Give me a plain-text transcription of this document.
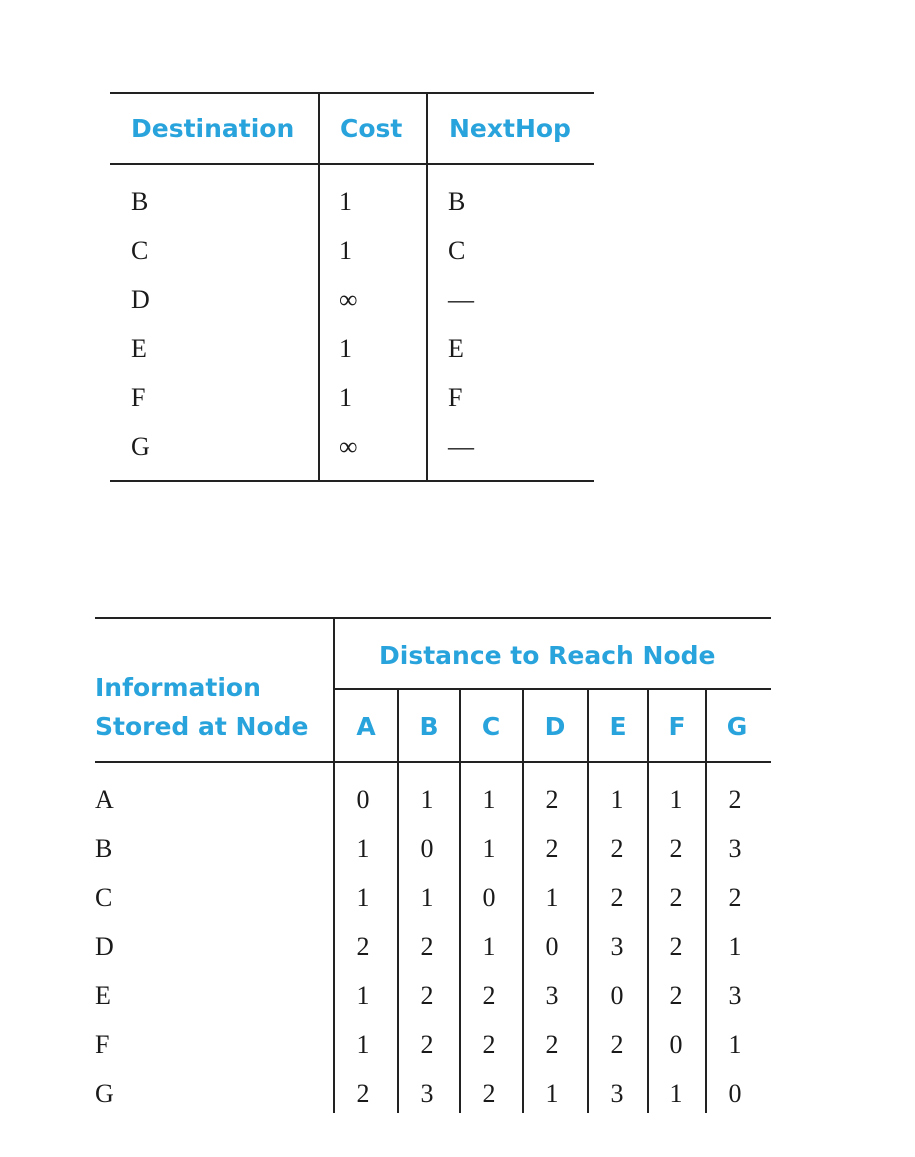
Destination Cost NextHop
B	1	B
C	1	C
D	∞	—
E	1	E
F	1	F
G	∞	—
Information
Stored at Node
Distance to Reach Node
A	B	C	D	E	F	G
A	0	1	1	2	1	1	2
B	1	0	1	2	2	2	3
C	1	1	0	1	2	2	2
D	2	2	1	0	3	2	1
E	1	2	2	3	0	2	3
F	1	2	2	2	2	0	1
G	2	3	2	1	3	1	0
